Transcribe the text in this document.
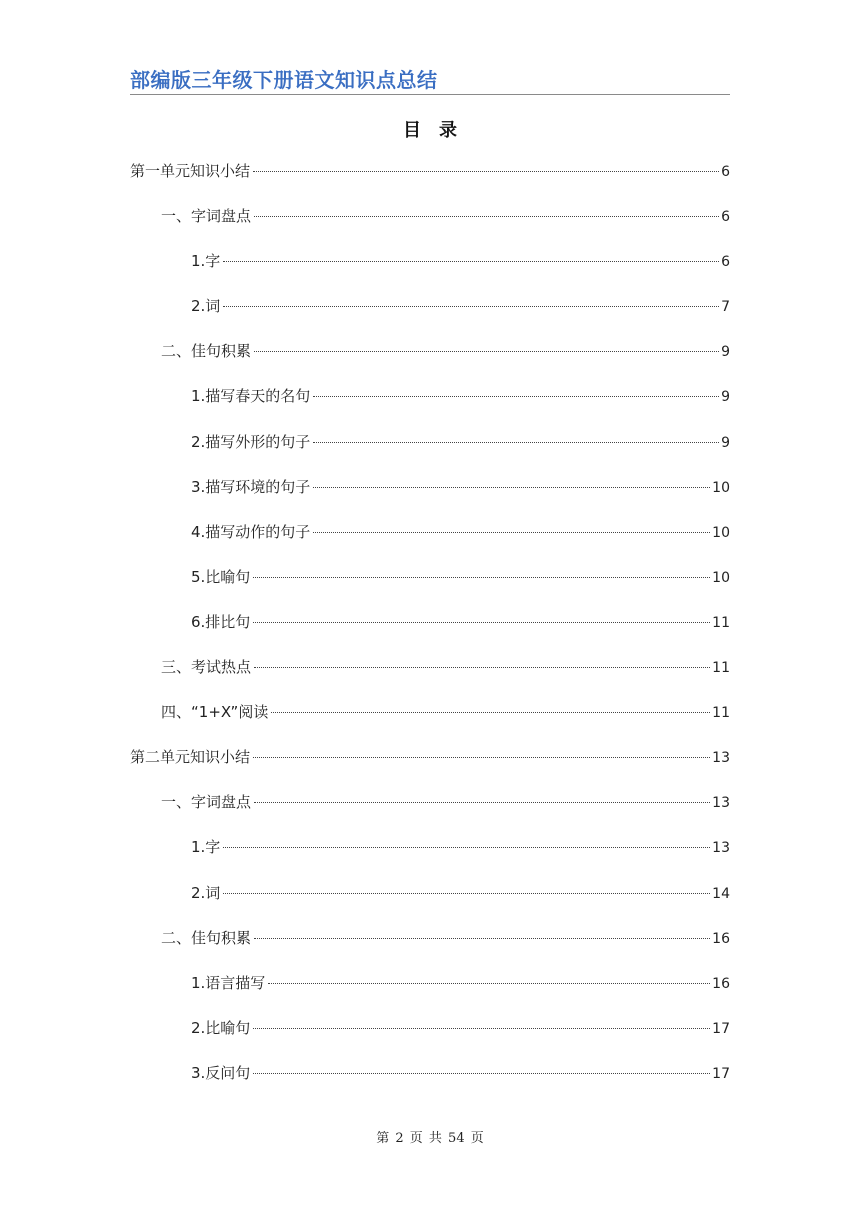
部编版三年级下册语文知识点总结
目　录
第一单元知识小结	6
一、字词盘点	6
1.字	6
2.词	7
二、佳句积累	9
1.描写春天的名句	9
2.描写外形的句子	9
3.描写环境的句子	10
4.描写动作的句子	10
5.比喻句	10
6.排比句	11
三、考试热点	11
四、“1+X”阅读	11
第二单元知识小结	13
一、字词盘点	13
1.字	13
2.词	14
二、佳句积累	16
1.语言描写	16
2.比喻句	17
3.反问句	17
第 2 页 共 54 页
